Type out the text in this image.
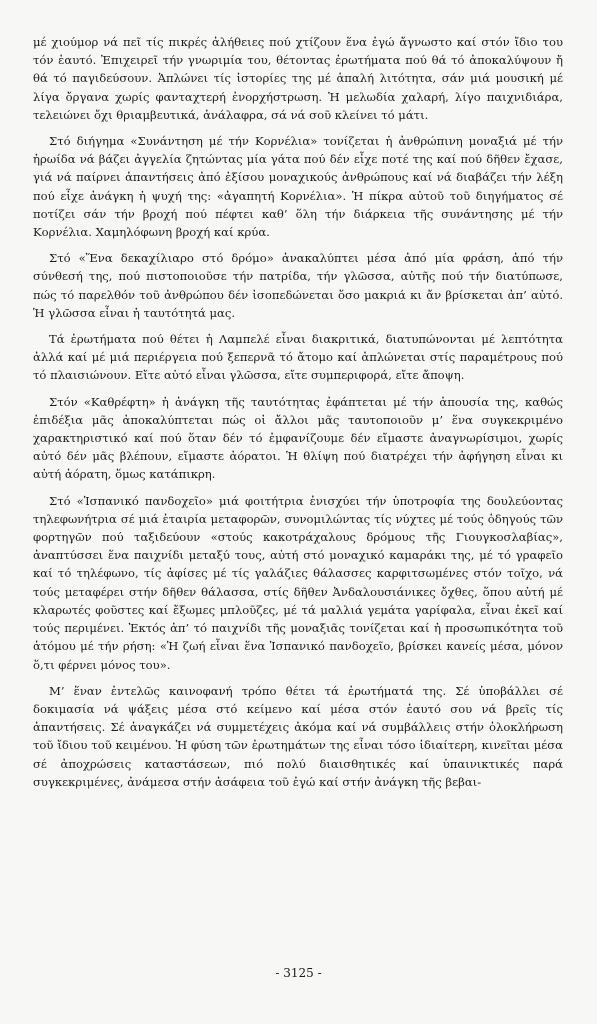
μέ χιούμορ νά πεῖ τίς πικρές ἀλήθειες πού χτίζουν ἕνα ἐγώ ἄγνωστο καί στόν ἴδιο του τόν ἑαυτό. Ἐπιχειρεῖ τήν γνωριμία του, θέτοντας ἐρωτήματα πού θά τό ἀποκαλύψουν ἤ θά τό παγιδεύσουν. Ἁπλώνει τίς ἱστορίες της μέ ἁπαλή λιτότητα, σάν μιά μουσική μέ λίγα ὄργανα χωρίς φανταχτερή ἐνορχήστρωση. Ἡ μελωδία χαλαρή, λίγο παιχνιδιάρα, τελειώνει ὄχι θριαμβευτικά, ἀνάλαφρα, σά νά σοῦ κλείνει τό μάτι.

Στό διήγημα «Συνάντηση μέ τήν Κορνέλια» τονίζεται ἡ ἀνθρώπινη μοναξιά μέ τήν ἡρωίδα νά βάζει ἀγγελία ζητώντας μία γάτα πού δέν εἶχε ποτέ της καί πού δῆθεν ἔχασε, γιά νά παίρνει ἀπαντήσεις ἀπό ἐξίσου μοναχικούς ἀνθρώπους καί νά διαβάζει τήν λέξη πού εἶχε ἀνάγκη ἡ ψυχή της: «ἀγαπητή Κορνέλια». Ἡ πίκρα αὐτοῦ τοῦ διηγήματος σέ ποτίζει σάν τήν βροχή πού πέφτει καθ’ ὅλη τήν διάρκεια τῆς συνάντησης μέ τήν Κορνέλια. Χαμηλόφωνη βροχή καί κρύα.

Στό «Ἕνα δεκαχίλιαρο στό δρόμο» ἀνακαλύπτει μέσα ἀπό μία φράση, ἀπό τήν σύνθεσή της, πού πιστοποιοῦσε τήν πατρίδα, τήν γλῶσσα, αὐτῆς πού τήν διατύπωσε, πώς τό παρελθόν τοῦ ἀνθρώπου δέν ἰσοπεδώνεται ὅσο μακριά κι ἄν βρίσκεται ἀπ’ αὐτό. Ἡ γλῶσσα εἶναι ἡ ταυτότητά μας.

Τά ἐρωτήματα πού θέτει ἡ Λαμπελέ εἶναι διακριτικά, διατυπώνονται μέ λεπτότητα ἀλλά καί μέ μιά περιέργεια πού ξεπερνᾶ τό ἄτομο καί ἁπλώνεται στίς παραμέτρους πού τό πλαισιώνουν. Εἴτε αὐτό εἶναι γλῶσσα, εἴτε συμπεριφορά, εἴτε ἄποψη.

Στόν «Καθρέφτη» ἡ ἀνάγκη τῆς ταυτότητας ἐφάπτεται μέ τήν ἀπουσία της, καθώς ἐπιδέξια μᾶς ἀποκαλύπτεται πώς οἱ ἄλλοι μᾶς ταυτοποιοῦν μ’ ἕνα συγκεκριμένο χαρακτηριστικό καί πού ὅταν δέν τό ἐμφανίζουμε δέν εἴμαστε ἀναγνωρίσιμοι, χωρίς αὐτό δέν μᾶς βλέπουν, εἴμαστε ἀόρατοι. Ἡ θλίψη πού διατρέχει τήν ἀφήγηση εἶναι κι αὐτή ἀόρατη, ὅμως κατάπικρη.

Στό «Ἱσπανικό πανδοχεῖο» μιά φοιτήτρια ἐνισχύει τήν ὑποτροφία της δουλεύοντας τηλεφωνήτρια σέ μιά ἑταιρία μεταφορῶν, συνομιλώντας τίς νύχτες μέ τούς ὁδηγούς τῶν φορτηγῶν πού ταξιδεύουν «στούς κακοτράχαλους δρόμους τῆς Γιουγκοσλαβίας», ἀναπτύσσει ἕνα παιχνίδι μεταξύ τους, αὐτή στό μοναχικό καμαράκι της, μέ τό γραφεῖο καί τό τηλέφωνο, τίς ἀφίσες μέ τίς γαλάζιες θάλασσες καρφιτσωμένες στόν τοῖχο, νά τούς μεταφέρει στήν δῆθεν θάλασσα, στίς δῆθεν Ἀνδαλουσιάνικες ὄχθες, ὅπου αὐτή μέ κλαρωτές φοῦστες καί ἔξωμες μπλοῦζες, μέ τά μαλλιά γεμάτα γαρίφαλα, εἶναι ἐκεῖ καί τούς περιμένει. Ἐκτός ἀπ’ τό παιχνίδι τῆς μοναξιᾶς τονίζεται καί ἡ προσωπικότητα τοῦ ἀτόμου μέ τήν ρήση: «Ἡ ζωή εἶναι ἕνα Ἱσπανικό πανδοχεῖο, βρίσκει κανείς μέσα, μόνον ὅ,τι φέρνει μόνος του».

Μ’ ἕναν ἐντελῶς καινοφανή τρόπο θέτει τά ἐρωτήματά της. Σέ ὑποβάλλει σέ δοκιμασία νά ψάξεις μέσα στό κείμενο καί μέσα στόν ἑαυτό σου νά βρεῖς τίς ἀπαντήσεις. Σέ ἀναγκάζει νά συμμετέχεις ἀκόμα καί νά συμβάλλεις στήν ὁλοκλήρωση τοῦ ἴδιου τοῦ κειμένου. Ἡ φύση τῶν ἐρωτημάτων της εἶναι τόσο ἰδιαίτερη, κινεῖται μέσα σέ ἀποχρώσεις καταστάσεων, πιό πολύ διαισθητικές καί ὑπαινικτικές παρά συγκεκριμένες, ἀνάμεσα στήν ἀσάφεια τοῦ ἐγώ καί στήν ἀνάγκη τῆς βεβαι-

- 3125 -
